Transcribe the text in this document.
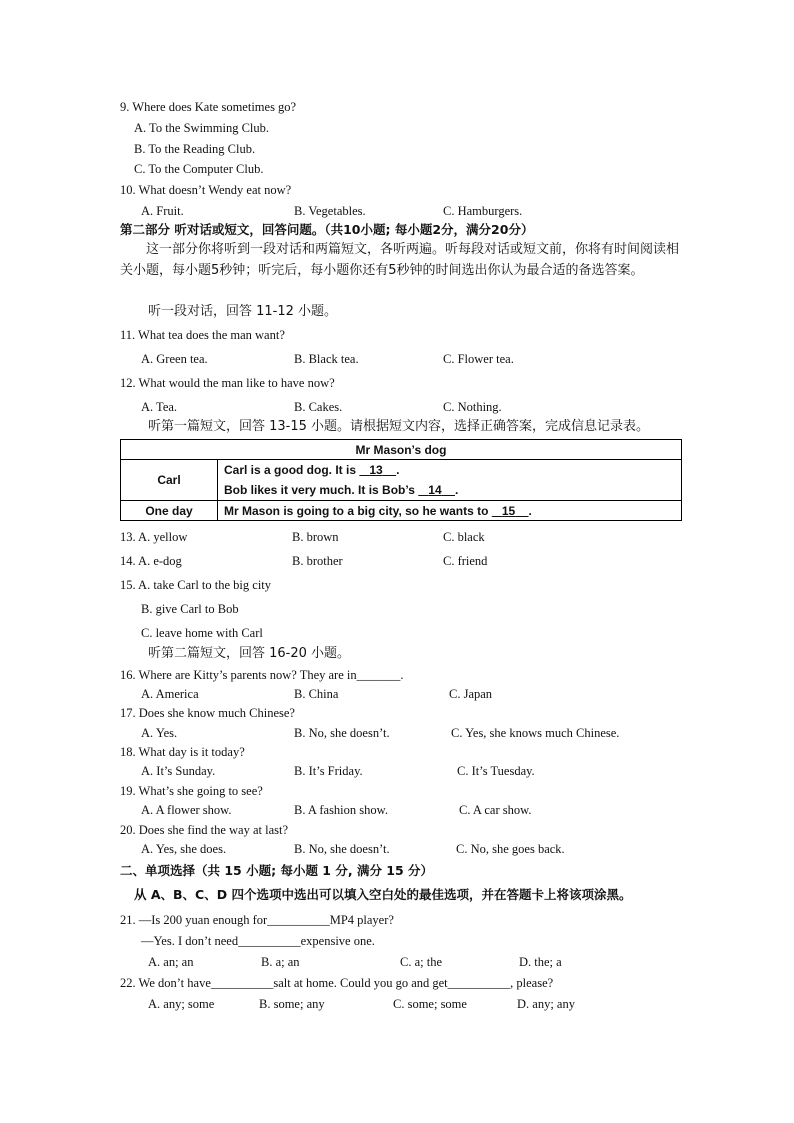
9. Where does Kate sometimes go?
A. To the Swimming Club.
B. To the Reading Club.
C. To the Computer Club.
10. What doesn’t Wendy eat now?
A. Fruit.	B. Vegetables.	C. Hamburgers.
第二部分 听对话或短文，回答问题。（共10小题; 每小题2分，满分20分）
这一部分你将听到一段对话和两篇短文，各听两遍。听每段对话或短文前，你将有时间阅读相关小题，每小题5秒钟；听完后，每小题你还有5秒钟的时间选出你认为最合适的备选答案。
听一段对话，回答 11-12 小题。
11. What tea does the man want?
A. Green tea.	B. Black tea.	C. Flower tea.
12. What would the man like to have now?
A. Tea.	B. Cakes.	C. Nothing.
听第一篇短文，回答 13-15 小题。请根据短文内容，选择正确答案，完成信息记录表。
Mr Mason’s dog	
Carl	Carl is a good dog. It is    13 .
Bob likes it very much. It is Bob’s    14 .

One day	Mr Mason is going to a big city, so he wants to    15 .
13. A. yellow	B. brown	C. black
14. A. e-dog	B. brother	C. friend
15. A. take Carl to the big city
B. give Carl to Bob
C. leave home with Carl
听第二篇短文，回答 16-20 小题。
16. Where are Kitty’s parents now? They are in_______.
A. America	B. China	C. Japan
17. Does she know much Chinese?
A. Yes.	B. No, she doesn’t.	C. Yes, she knows much Chinese.
18. What day is it today?
A. It’s Sunday.	B. It’s Friday.	C. It’s Tuesday.
19. What’s she going to see?
A. A flower show.	B. A fashion show.	C. A car show.
20. Does she find the way at last?
A. Yes, she does.	B. No, she doesn’t.	C. No, she goes back.
二、单项选择（共 15 小题; 每小题 1 分, 满分 15 分）
从 A、B、C、D 四个选项中选出可以填入空白处的最佳选项，并在答题卡上将该项涂黑。
21. —Is 200 yuan enough for__________MP4 player?
—Yes. I don’t need__________expensive one.
A. an; an	B. a; an	C. a; the	D. the; a
22. We don’t have__________salt at home. Could you go and get__________, please?
A. any; some	B. some; any	C. some; some	D. any; any
